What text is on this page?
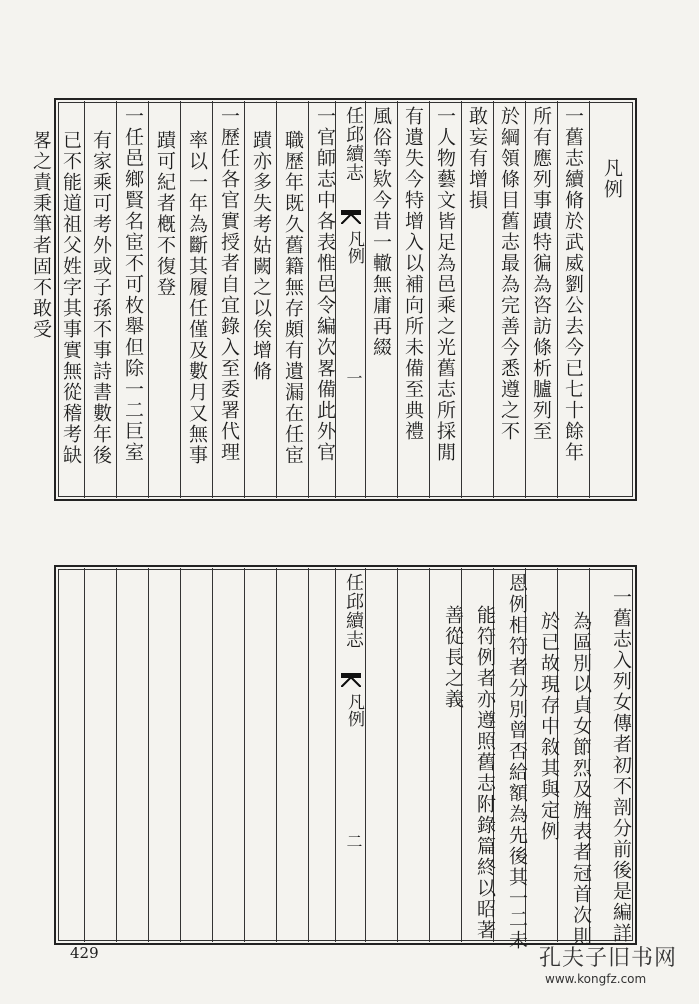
凡例
一舊志續脩於武威劉公去今已七十餘年
所有應列事蹟特徧為咨訪條析臚列至
於綱領條目舊志最為完善今悉遵之不
敢妄有增損
一人物藝文皆足為邑乘之光舊志所採閒
有遺失今特增入以補向所未備至典禮
風俗等欵今昔一轍無庸再綴
任邱續志
凡例
一
一官師志中各表惟邑令編次畧備此外官
職歷年既久舊籍無存頗有遺漏在任宦
蹟亦多失考姑闕之以俟增脩
一歷任各官實授者自宜錄入至委署代理
率以一年為斷其履任僅及數月又無事
蹟可紀者槪不復登
一任邑鄉賢名宦不可枚舉但除一二巨室
有家乘可考外或子孫不事詩書數年後
已不能道祖父姓字其事實無從稽考缺
畧之責秉筆者固不敢受
一舊志入列女傳者初不剖分前後是編詳
為區別以貞女節烈及旌表者冠首次則
於已故現存中敘其與定例
恩例相符者分別曾否給額為先後其一二未
能符例者亦遵照舊志附錄篇終以昭著
善從長之義
任邱續志
凡例
二
429	孔夫子旧书网
www.kongfz.com
